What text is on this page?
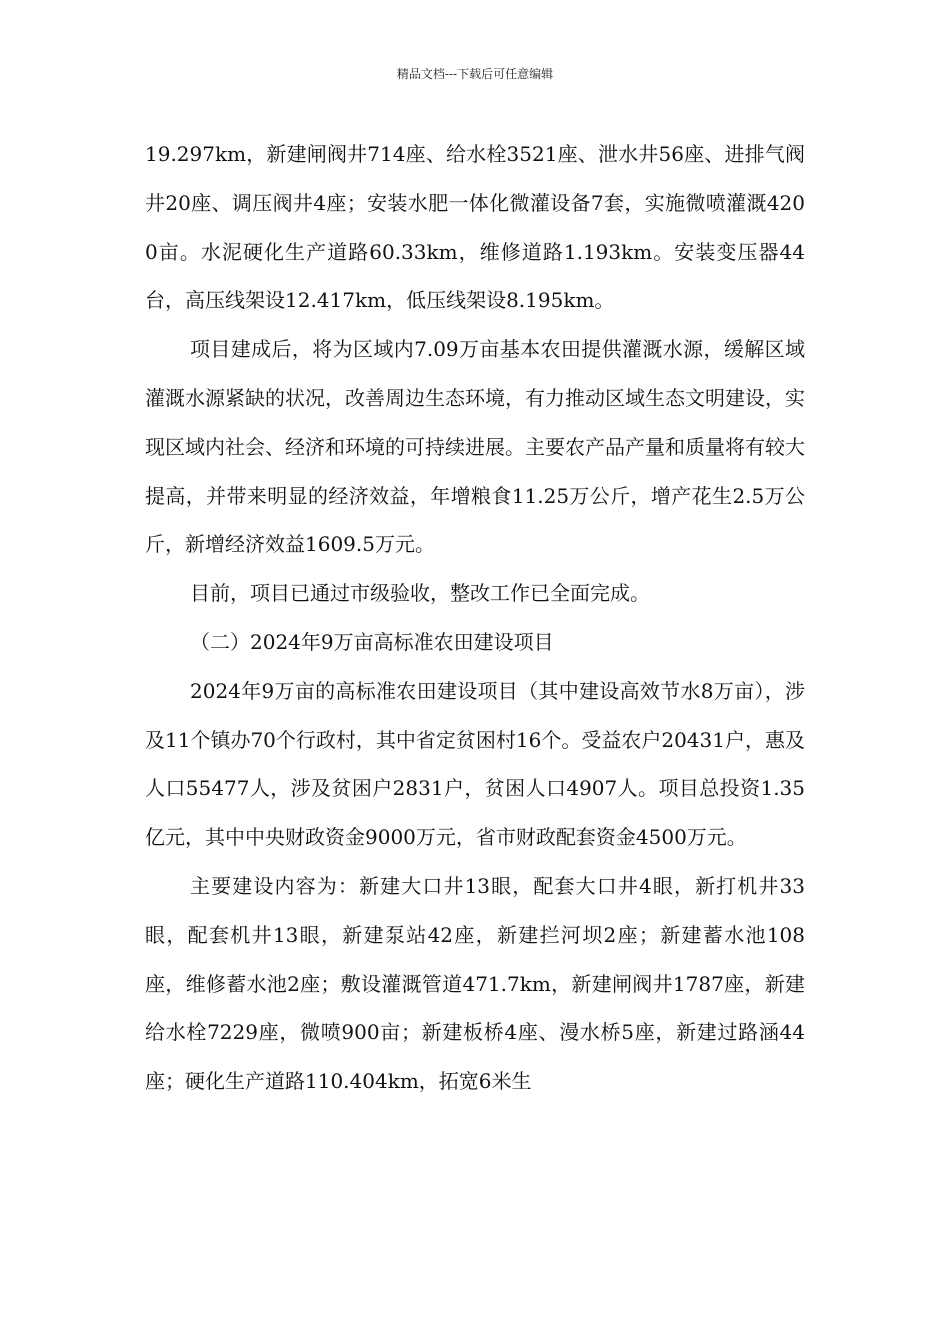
精品文档---下载后可任意编辑

19.297km，新建闸阀井714座、给水栓3521座、泄水井56座、进排气阀井20座、调压阀井4座；安装水肥一体化微灌设备7套，实施微喷灌溉4200亩。水泥硬化生产道路60.33km，维修道路1.193km。安装变压器44台，高压线架设12.417km，低压线架设8.195km。

项目建成后，将为区域内7.09万亩基本农田提供灌溉水源，缓解区域灌溉水源紧缺的状况，改善周边生态环境，有力推动区域生态文明建设，实现区域内社会、经济和环境的可持续进展。主要农产品产量和质量将有较大提高，并带来明显的经济效益，年增粮食11.25万公斤，增产花生2.5万公斤，新增经济效益1609.5万元。

目前，项目已通过市级验收，整改工作已全面完成。

（二）2024年9万亩高标准农田建设项目

2024年9万亩的高标准农田建设项目（其中建设高效节水8万亩），涉及11个镇办70个行政村，其中省定贫困村16个。受益农户20431户，惠及人口55477人，涉及贫困户2831户，贫困人口4907人。项目总投资1.35亿元，其中中央财政资金9000万元，省市财政配套资金4500万元。

主要建设内容为：新建大口井13眼，配套大口井4眼，新打机井33眼，配套机井13眼，新建泵站42座，新建拦河坝2座；新建蓄水池108座，维修蓄水池2座；敷设灌溉管道471.7km，新建闸阀井1787座，新建给水栓7229座，微喷900亩；新建板桥4座、漫水桥5座，新建过路涵44座；硬化生产道路110.404km，拓宽6米生
